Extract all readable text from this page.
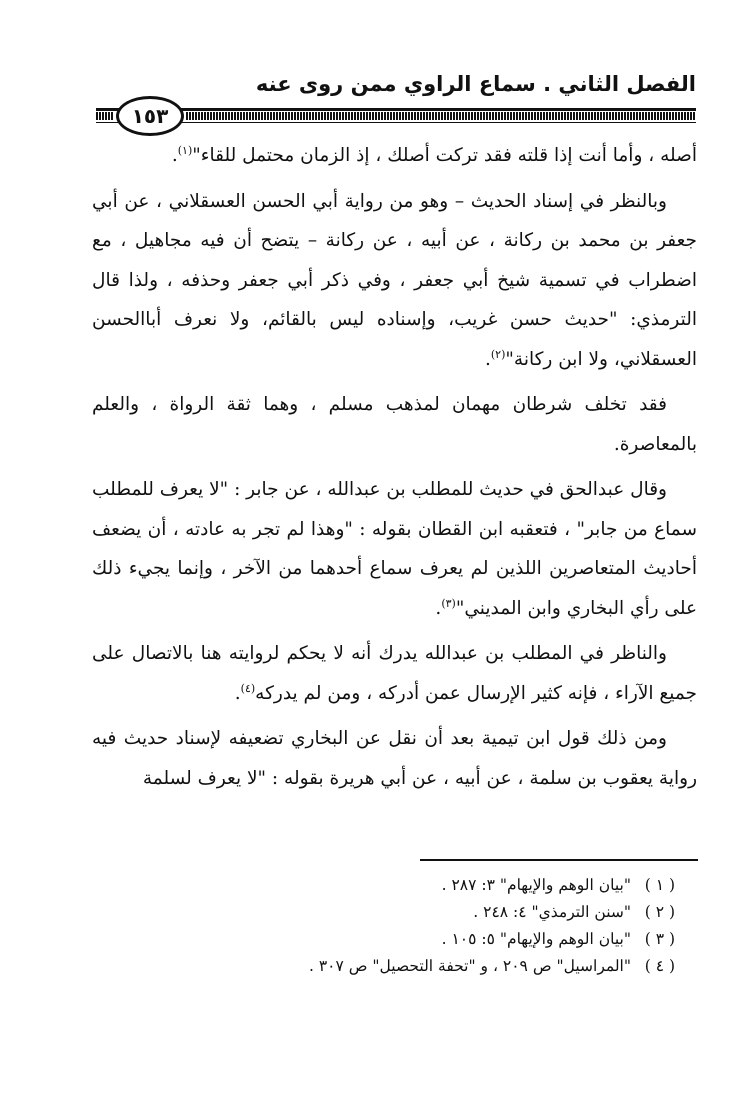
الفصل الثاني . سماع الراوي ممن روى عنه
١٥٣

أصله ، وأما أنت إذا قلته فقد تركت أصلك ، إذ الزمان محتمل للقاء"$^{(١)}$.

وبالنظر في إسناد الحديث – وهو من رواية أبي الحسن العسقلاني ، عن أبي جعفر بن محمد بن ركانة ، عن أبيه ، عن ركانة – يتضح أن فيه مجاهيل ، مع اضطراب في تسمية شيخ أبي جعفر ، وفي ذكر أبي جعفر وحذفه ، ولذا قال الترمذي: "حديث حسن غريب، وإسناده ليس بالقائم، ولا نعرف أباالحسن العسقلاني، ولا ابن ركانة"$^{(٢)}$.

فقد تخلف شرطان مهمان لمذهب مسلم ، وهما ثقة الرواة ، والعلم بالمعاصرة.

وقال عبدالحق في حديث للمطلب بن عبدالله ، عن جابر : "لا يعرف للمطلب سماع من جابر" ، فتعقبه ابن القطان بقوله : "وهذا لم تجر به عادته ، أن يضعف أحاديث المتعاصرين اللذين لم يعرف سماع أحدهما من الآخر ، وإنما يجيء ذلك على رأي البخاري وابن المديني"$^{(٣)}$.

والناظر في المطلب بن عبدالله يدرك أنه لا يحكم لروايته هنا بالاتصال على جميع الآراء ، فإنه كثير الإرسال عمن أدركه ، ومن لم يدركه$^{(٤)}$.

ومن ذلك قول ابن تيمية بعد أن نقل عن البخاري تضعيفه لإسناد حديث فيه رواية يعقوب بن سلمة ، عن أبيه ، عن أبي هريرة بقوله : "لا يعرف لسلمة

( ١ )"بيان الوهم والإيهام" ٣: ٢٨٧ .

( ٢ )"سنن الترمذي" ٤: ٢٤٨ .

( ٣ )"بيان الوهم والإيهام" ٥: ١٠٥ .

( ٤ )"المراسيل" ص ٢٠٩ ، و "تحفة التحصيل" ص ٣٠٧ .
